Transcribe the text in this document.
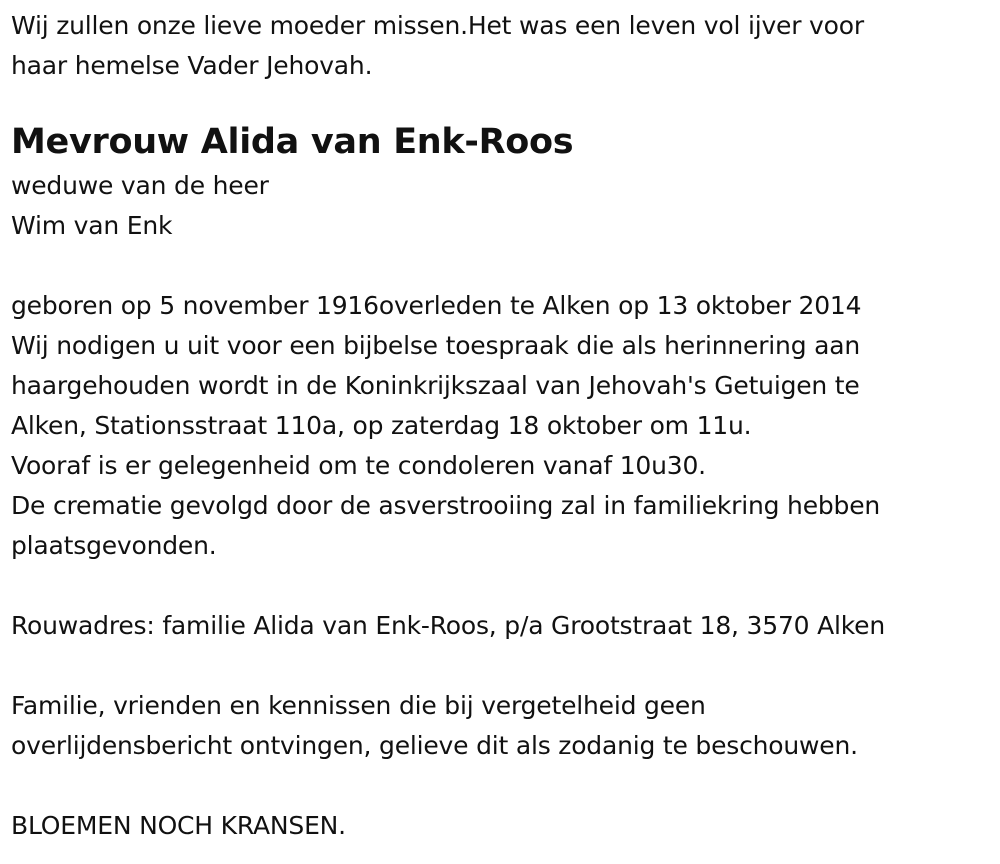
Wij zullen onze lieve moeder missen.Het was een leven vol ijver voor
haar hemelse Vader Jehovah.
Mevrouw Alida van Enk-Roos
weduwe van de heer
Wim van Enk
geboren op 5 november 1916overleden te Alken op 13 oktober 2014
Wij nodigen u uit voor een bijbelse toespraak die als herinnering aan
haargehouden wordt in de Koninkrijkszaal van Jehovah's Getuigen te
Alken, Stationsstraat 110a, op zaterdag 18 oktober om 11u.
Vooraf is er gelegenheid om te condoleren vanaf 10u30.
De crematie gevolgd door de asverstrooiing zal in familiekring hebben
plaatsgevonden.
Rouwadres: familie Alida van Enk-Roos, p/a Grootstraat 18, 3570 Alken
Familie, vrienden en kennissen die bij vergetelheid geen
overlijdensbericht ontvingen, gelieve dit als zodanig te beschouwen.
BLOEMEN NOCH KRANSEN.
